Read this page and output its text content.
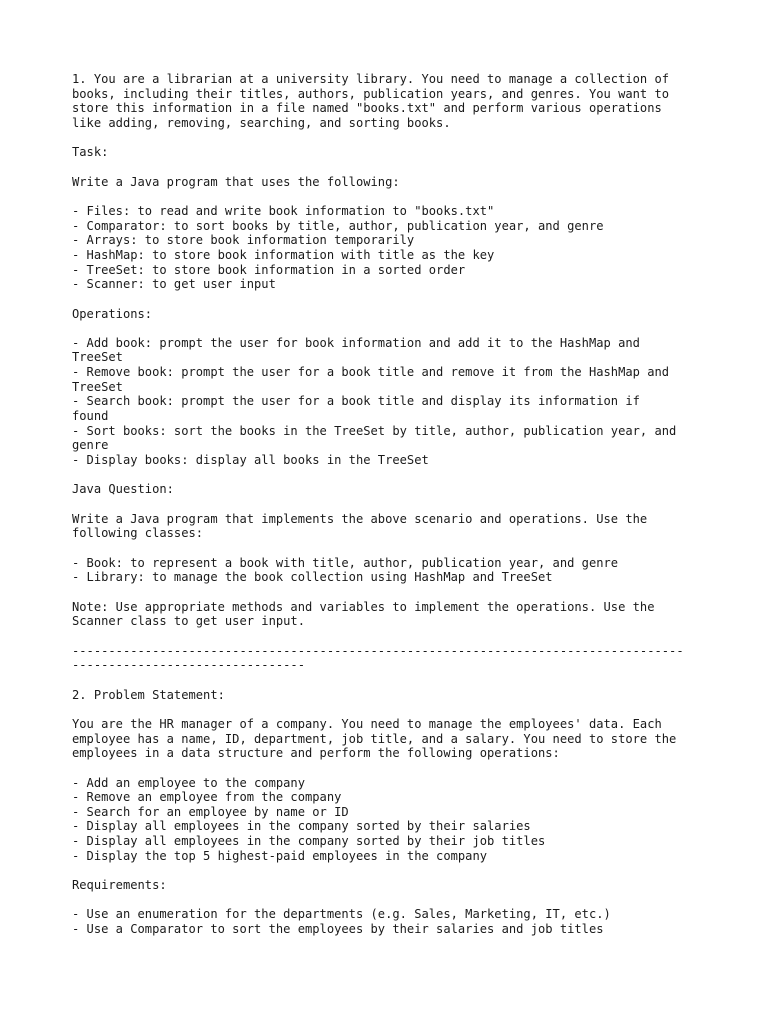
1. You are a librarian at a university library. You need to manage a collection of
books, including their titles, authors, publication years, and genres. You want to
store this information in a file named "books.txt" and perform various operations
like adding, removing, searching, and sorting books.

Task:

Write a Java program that uses the following:

- Files: to read and write book information to "books.txt"
- Comparator: to sort books by title, author, publication year, and genre
- Arrays: to store book information temporarily
- HashMap: to store book information with title as the key
- TreeSet: to store book information in a sorted order
- Scanner: to get user input

Operations:

- Add book: prompt the user for book information and add it to the HashMap and
TreeSet
- Remove book: prompt the user for a book title and remove it from the HashMap and
TreeSet
- Search book: prompt the user for a book title and display its information if
found
- Sort books: sort the books in the TreeSet by title, author, publication year, and
genre
- Display books: display all books in the TreeSet

Java Question:

Write a Java program that implements the above scenario and operations. Use the
following classes:

- Book: to represent a book with title, author, publication year, and genre
- Library: to manage the book collection using HashMap and TreeSet

Note: Use appropriate methods and variables to implement the operations. Use the
Scanner class to get user input.

------------------------------------------------------------------------------------
--------------------------------

2. Problem Statement:

You are the HR manager of a company. You need to manage the employees' data. Each
employee has a name, ID, department, job title, and a salary. You need to store the
employees in a data structure and perform the following operations:

- Add an employee to the company
- Remove an employee from the company
- Search for an employee by name or ID
- Display all employees in the company sorted by their salaries
- Display all employees in the company sorted by their job titles
- Display the top 5 highest-paid employees in the company

Requirements:

- Use an enumeration for the departments (e.g. Sales, Marketing, IT, etc.)
- Use a Comparator to sort the employees by their salaries and job titles
